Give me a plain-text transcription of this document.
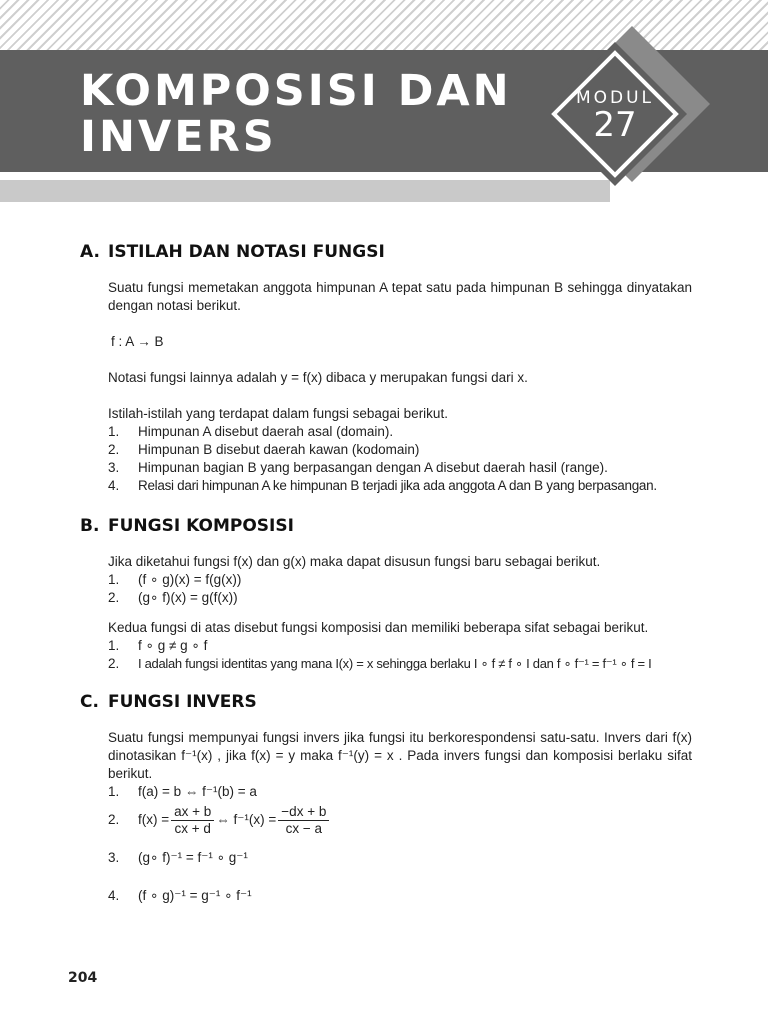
KOMPOSISI DAN
INVERS
MODUL
27
A. ISTILAH DAN NOTASI FUNGSI

Suatu fungsi memetakan anggota himpunan A tepat satu pada himpunan B sehingga dinyatakan dengan notasi berikut.

f : A → B

Notasi fungsi lainnya adalah y = f(x) dibaca y merupakan fungsi dari x.

Istilah-istilah yang terdapat dalam fungsi sebagai berikut.

1.	Himpunan A disebut daerah asal (domain).
2.	Himpunan B disebut daerah kawan (kodomain)
3.	Himpunan bagian B yang berpasangan dengan A disebut daerah hasil (range).
4.	Relasi dari himpunan A ke himpunan B terjadi jika ada anggota A dan B yang berpasangan.
B. FUNGSI KOMPOSISI

Jika diketahui fungsi f(x) dan g(x) maka dapat disusun fungsi baru sebagai berikut.

1.	(f ∘ g)(x) = f(g(x))
2.	(g∘ f)(x) = g(f(x))

Kedua fungsi di atas disebut fungsi komposisi dan memiliki beberapa sifat sebagai berikut.

1.	f ∘ g ≠ g ∘ f
2.	I adalah fungsi identitas yang mana I(x) = x sehingga berlaku I ∘ f ≠ f ∘ I dan f ∘ f⁻¹ = f⁻¹ ∘ f = I
C. FUNGSI INVERS

Suatu fungsi mempunyai fungsi invers jika fungsi itu berkorespondensi satu-satu. Invers dari f(x) dinotasikan f⁻¹(x) , jika f(x) = y maka f⁻¹(y) = x . Pada invers fungsi dan komposisi berlaku sifat berikut.

1.	f(a) = b ⇔ f⁻¹(b) = a
2.	$f(x) = \frac{ax + b}{cx + d}$ ⇔ $f^{-1}(x) = \frac{-dx + b}{cx - a}$
3.	(g∘ f)⁻¹ = f⁻¹ ∘ g⁻¹
4.	(f ∘ g)⁻¹ = g⁻¹ ∘ f⁻¹
204
